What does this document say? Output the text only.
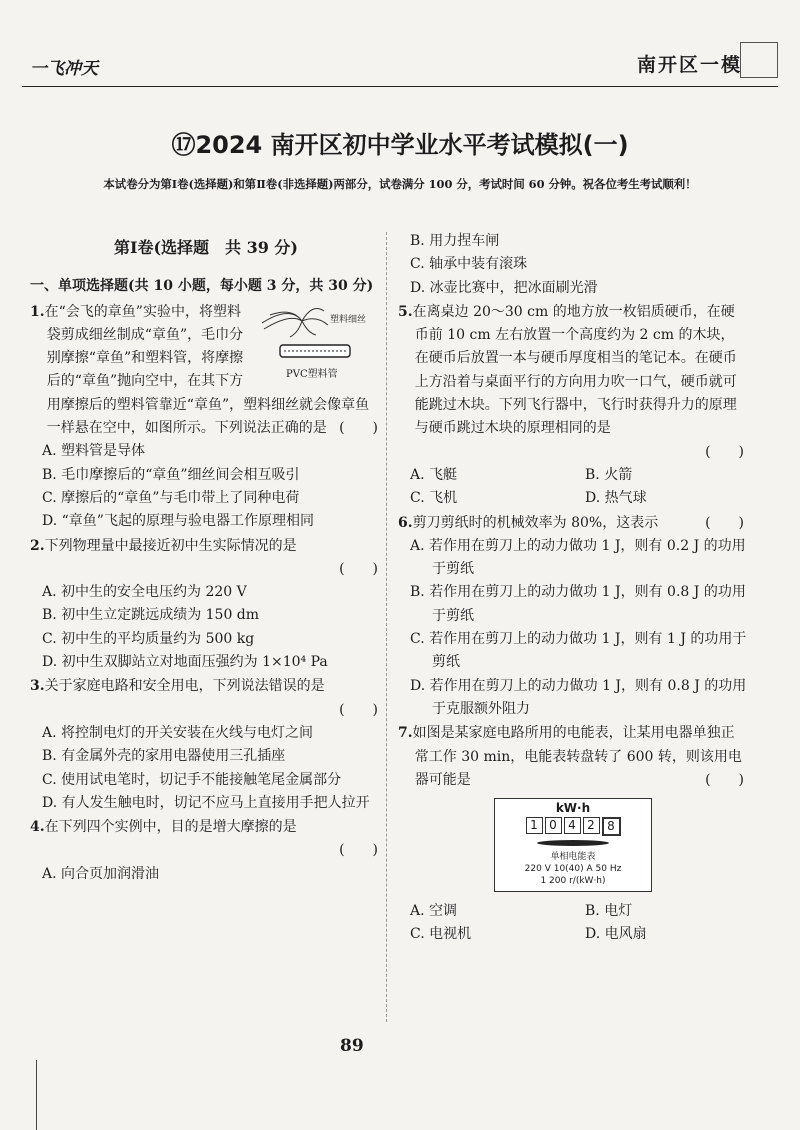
一飞冲天	南开区一模
⑰2024 南开区初中学业水平考试模拟(一)
本试卷分为第Ⅰ卷(选择题)和第Ⅱ卷(非选择题)两部分，试卷满分 100 分，考试时间 60 分钟。祝各位考生考试顺利！
第Ⅰ卷(选择题　共 39 分)
一、单项选择题(共 10 小题，每小题 3 分，共 30 分)
塑料细丝
PVC塑料管
1.在“会飞的章鱼”实验中，将塑料袋剪成细丝制成“章鱼”，毛巾分别摩擦“章鱼”和塑料管，将摩擦后的“章鱼”抛向空中，在其下方用摩擦后的塑料管靠近“章鱼”，塑料细丝就会像章鱼一样悬在空中，如图所示。下列说法正确的是 (　　)
A. 塑料管是导体
B. 毛巾摩擦后的“章鱼”细丝间会相互吸引
C. 摩擦后的“章鱼”与毛巾带上了同种电荷
D. “章鱼”飞起的原理与验电器工作原理相同
2.下列物理量中最接近初中生实际情况的是
(　　)
A. 初中生的安全电压约为 220 V
B. 初中生立定跳远成绩为 150 dm
C. 初中生的平均质量约为 500 kg
D. 初中生双脚站立对地面压强约为 1×10⁴ Pa
3.关于家庭电路和安全用电，下列说法错误的是
(　　)
A. 将控制电灯的开关安装在火线与电灯之间
B. 有金属外壳的家用电器使用三孔插座
C. 使用试电笔时，切记手不能接触笔尾金属部分
D. 有人发生触电时，切记不应马上直接用手把人拉开
4.在下列四个实例中，目的是增大摩擦的是
(　　)
A. 向合页加润滑油
B. 用力捏车闸
C. 轴承中装有滚珠
D. 冰壶比赛中，把冰面刷光滑
5.在离桌边 20～30 cm 的地方放一枚铝质硬币，在硬币前 10 cm 左右放置一个高度约为 2 cm 的木块，在硬币后放置一本与硬币厚度相当的笔记本。在硬币上方沿着与桌面平行的方向用力吹一口气，硬币就可能跳过木块。下列飞行器中，飞行时获得升力的原理与硬币跳过木块的原理相同的是
(　　)
A. 飞艇	B. 火箭
C. 飞机	D. 热气球
6.剪刀剪纸时的机械效率为 80%，这表示	(　　)
A. 若作用在剪刀上的动力做功 1 J，则有 0.2 J 的功用于剪纸
B. 若作用在剪刀上的动力做功 1 J，则有 0.8 J 的功用于剪纸
C. 若作用在剪刀上的动力做功 1 J，则有 1 J 的功用于剪纸
D. 若作用在剪刀上的动力做功 1 J，则有 0.8 J 的功用于克服额外阻力
7.如图是某家庭电路所用的电能表，让某用电器单独正常工作 30 min，电能表转盘转了 600 转，则该用电器可能是	(　　)
kW·h
1 0 4 2	8
单相电能表
220 V 10(40) A 50 Hz
1 200 r/(kW·h)
A. 空调	B. 电灯
C. 电视机	D. 电风扇
89
